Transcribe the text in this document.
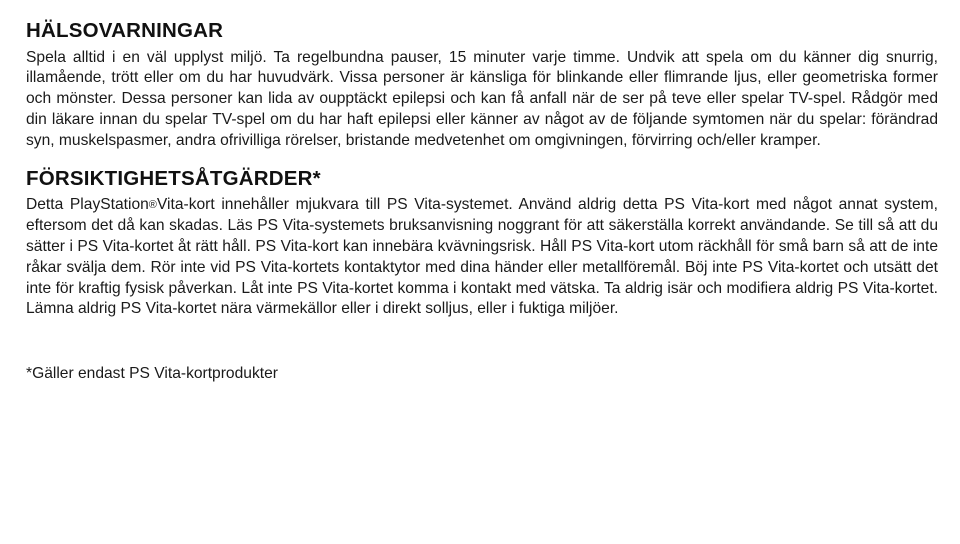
HÄLSOVARNINGAR

Spela alltid i en väl upplyst miljö. Ta regelbundna pauser, 15 minuter varje timme. Undvik att spela om du känner dig snurrig, illamående, trött eller om du har huvudvärk. Vissa personer är känsliga för blinkande eller flimrande ljus, eller geometriska former och mönster. Dessa personer kan lida av oupptäckt epilepsi och kan få anfall när de ser på teve eller spelar TV-spel. Rådgör med din läkare innan du spelar TV-spel om du har haft epilepsi eller känner av något av de följande symtomen när du spelar: förändrad syn, muskelspasmer, andra ofrivilliga rörelser, bristande medvetenhet om omgivningen, förvirring och/eller kramper.

FÖRSIKTIGHETSÅTGÄRDER*

Detta PlayStation®Vita-kort innehåller mjukvara till PS Vita-systemet. Använd aldrig detta PS Vita-kort med något annat system, eftersom det då kan skadas. Läs PS Vita-systemets bruksanvisning noggrant för att säkerställa korrekt användande. Se till så att du sätter i PS Vita-kortet åt rätt håll. PS Vita-kort kan innebära kvävningsrisk. Håll PS Vita-kort utom räckhåll för små barn så att de inte råkar svälja dem. Rör inte vid PS Vita-kortets kontaktytor med dina händer eller metallföremål. Böj inte PS Vita-kortet och utsätt det inte för kraftig fysisk påverkan. Låt inte PS Vita-kortet komma i kontakt med vätska. Ta aldrig isär och modifiera aldrig PS Vita-kortet. Lämna aldrig PS Vita-kortet nära värmekällor eller i direkt solljus, eller i fuktiga miljöer.

*Gäller endast PS Vita-kortprodukter
